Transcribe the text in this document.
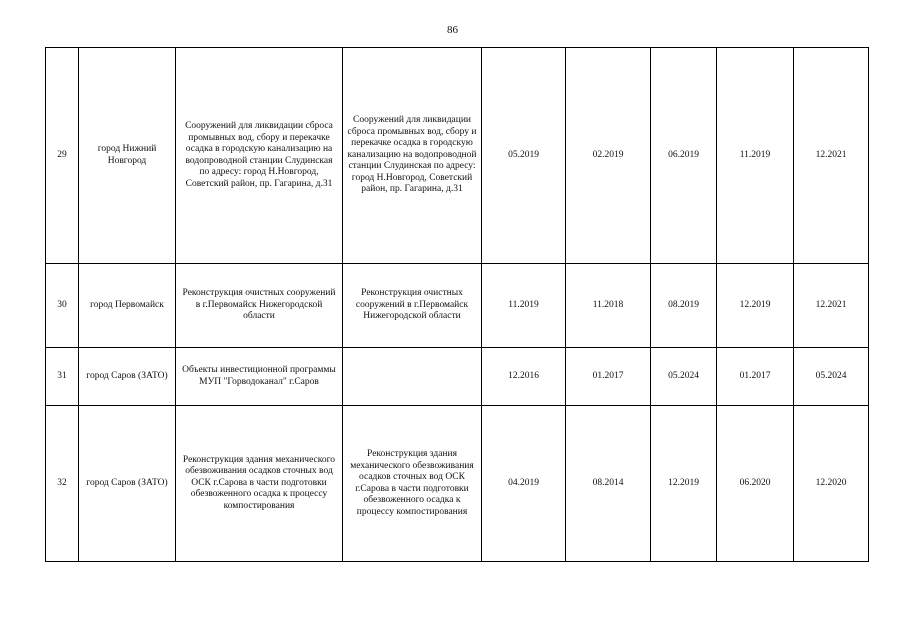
86
29	город Нижний Новгород	Сооружений для ликвидации сброса промывных вод, сбору и перекачке осадка в городскую канализацию на водопроводной станции Слудинская по адресу: город Н.Новгород, Советский район, пр. Гагарина, д.31	Сооружений для ликвидации сброса промывных вод, сбору и перекачке осадка в городскую канализацию на водопроводной станции Слудинская по адресу: город Н.Новгород, Советский район, пр. Гагарина, д.31	05.2019	02.2019	06.2019	11.2019	12.2021
30	город Первомайск	Реконструкция очистных сооружений в г.Первомайск Нижегородской области	Реконструкция очистных сооружений в г.Первомайск Нижегородской области	11.2019	11.2018	08.2019	12.2019	12.2021
31	город Саров (ЗАТО)	Объекты инвестиционной программы МУП "Горводоканал" г.Саров		12.2016	01.2017	05.2024	01.2017	05.2024
32	город Саров (ЗАТО)	Реконструкция здания механического обезвоживания осадков сточных вод ОСК г.Сарова в части подготовки обезвоженного осадка к процессу компостирования	Реконструкция здания механического обезвоживания осадков сточных вод ОСК г.Сарова в части подготовки обезвоженного осадка к процессу компостирования	04.2019	08.2014	12.2019	06.2020	12.2020
